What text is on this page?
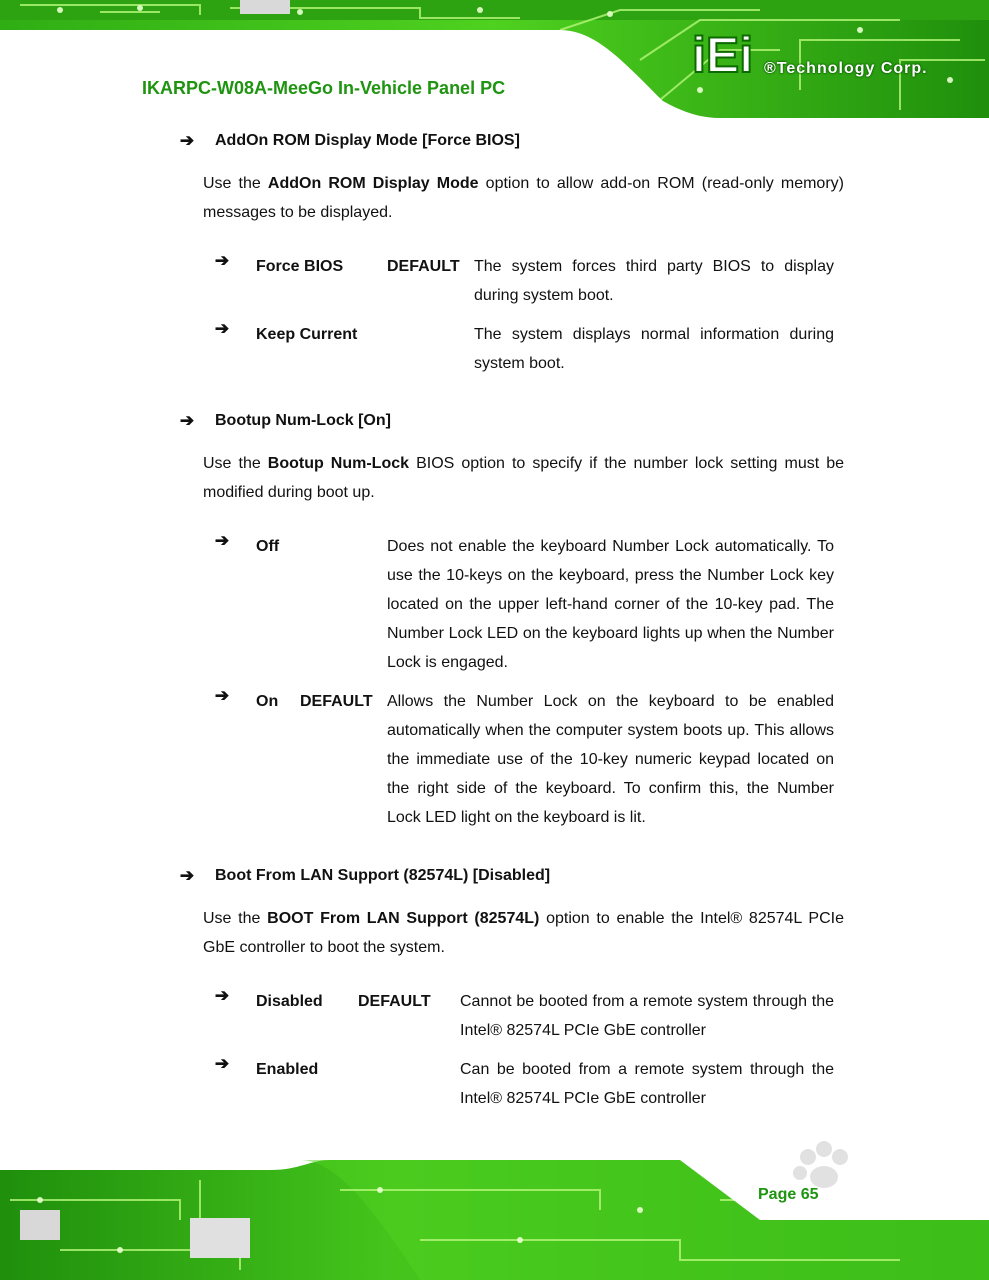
IKARPC-W08A-MeeGo In-Vehicle Panel PC
iEi ®Technology Corp.
➔ AddOn ROM Display Mode [Force BIOS]
Use the AddOn ROM Display Mode option to allow add-on ROM (read-only memory) messages to be displayed.
➔ Force BIOS	DEFAULT The system forces third party BIOS to display during system boot.
➔ Keep Current	The system displays normal information during system boot.
➔ Bootup Num-Lock [On]
Use the Bootup Num-Lock BIOS option to specify if the number lock setting must be modified during boot up.
➔ Off	Does not enable the keyboard Number Lock automatically. To use the 10-keys on the keyboard, press the Number Lock key located on the upper left-hand corner of the 10-key pad. The Number Lock LED on the keyboard lights up when the Number Lock is engaged.
➔ On DEFAULT Allows the Number Lock on the keyboard to be enabled automatically when the computer system boots up. This allows the immediate use of the 10-key numeric keypad located on the right side of the keyboard. To confirm this, the Number Lock LED light on the keyboard is lit.
➔ Boot From LAN Support (82574L) [Disabled]
Use the BOOT From LAN Support (82574L) option to enable the Intel® 82574L PCIe GbE controller to boot the system.
➔ Disabled DEFAULT Cannot be booted from a remote system through the Intel® 82574L PCIe GbE controller
➔ Enabled	Can be booted from a remote system through the Intel® 82574L PCIe GbE controller
Page 65
